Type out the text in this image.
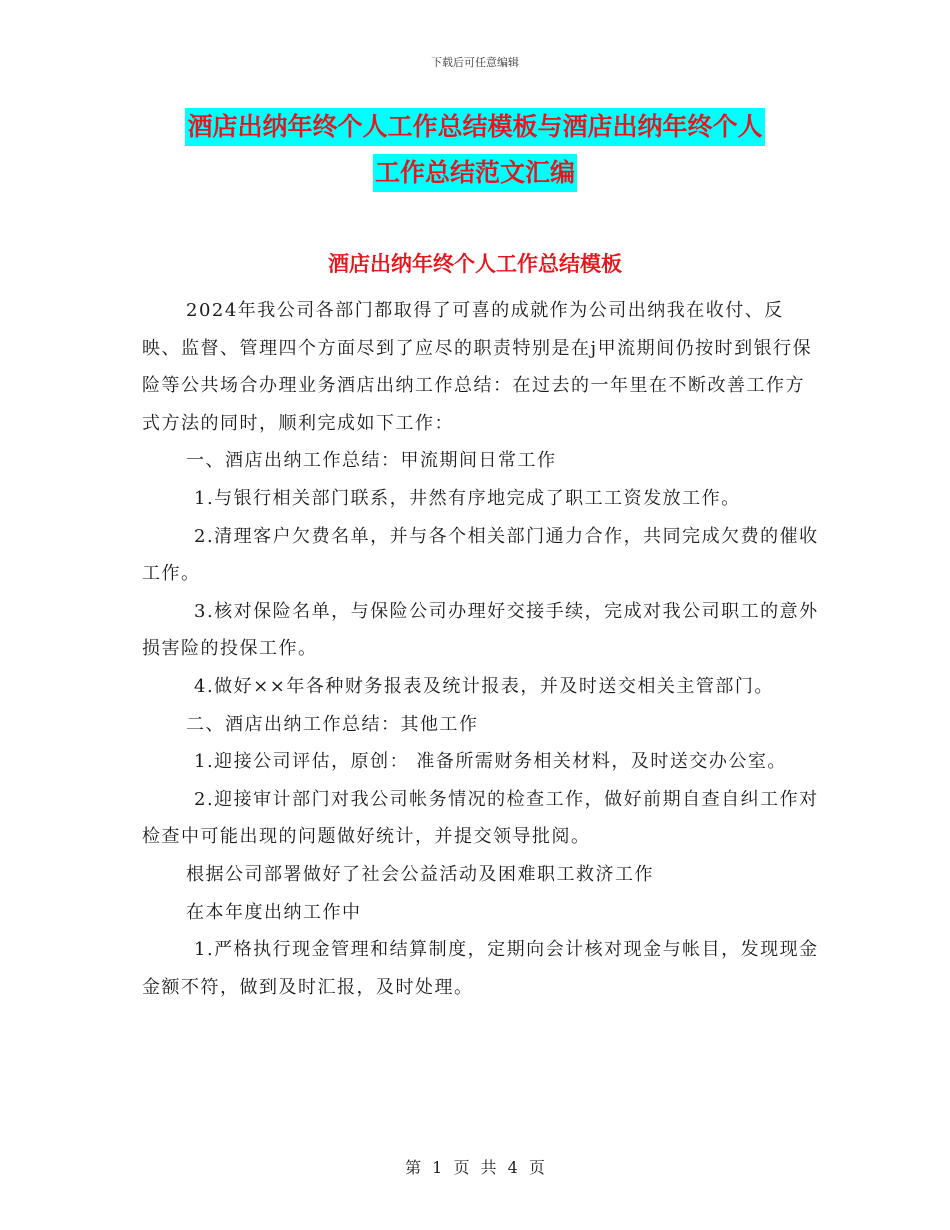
下载后可任意编辑
酒店出纳年终个人工作总结模板与酒店出纳年终个人
工作总结范文汇编
酒店出纳年终个人工作总结模板

2024年我公司各部门都取得了可喜的成就作为公司出纳我在收付、反映、监督、管理四个方面尽到了应尽的职责特别是在j甲流期间仍按时到银行保险等公共场合办理业务酒店出纳工作总结：在过去的一年里在不断改善工作方式方法的同时，顺利完成如下工作：

一、酒店出纳工作总结：甲流期间日常工作

1.与银行相关部门联系，井然有序地完成了职工工资发放工作。

2.清理客户欠费名单，并与各个相关部门通力合作，共同完成欠费的催收工作。

3.核对保险名单，与保险公司办理好交接手续，完成对我公司职工的意外损害险的投保工作。

4.做好××年各种财务报表及统计报表，并及时送交相关主管部门。

二、酒店出纳工作总结：其他工作

1.迎接公司评估，原创： 准备所需财务相关材料，及时送交办公室。

2.迎接审计部门对我公司帐务情况的检查工作，做好前期自查自纠工作对检查中可能出现的问题做好统计，并提交领导批阅。

根据公司部署做好了社会公益活动及困难职工救济工作

在本年度出纳工作中

1.严格执行现金管理和结算制度，定期向会计核对现金与帐目，发现现金金额不符，做到及时汇报，及时处理。

第 1 页 共 4 页
